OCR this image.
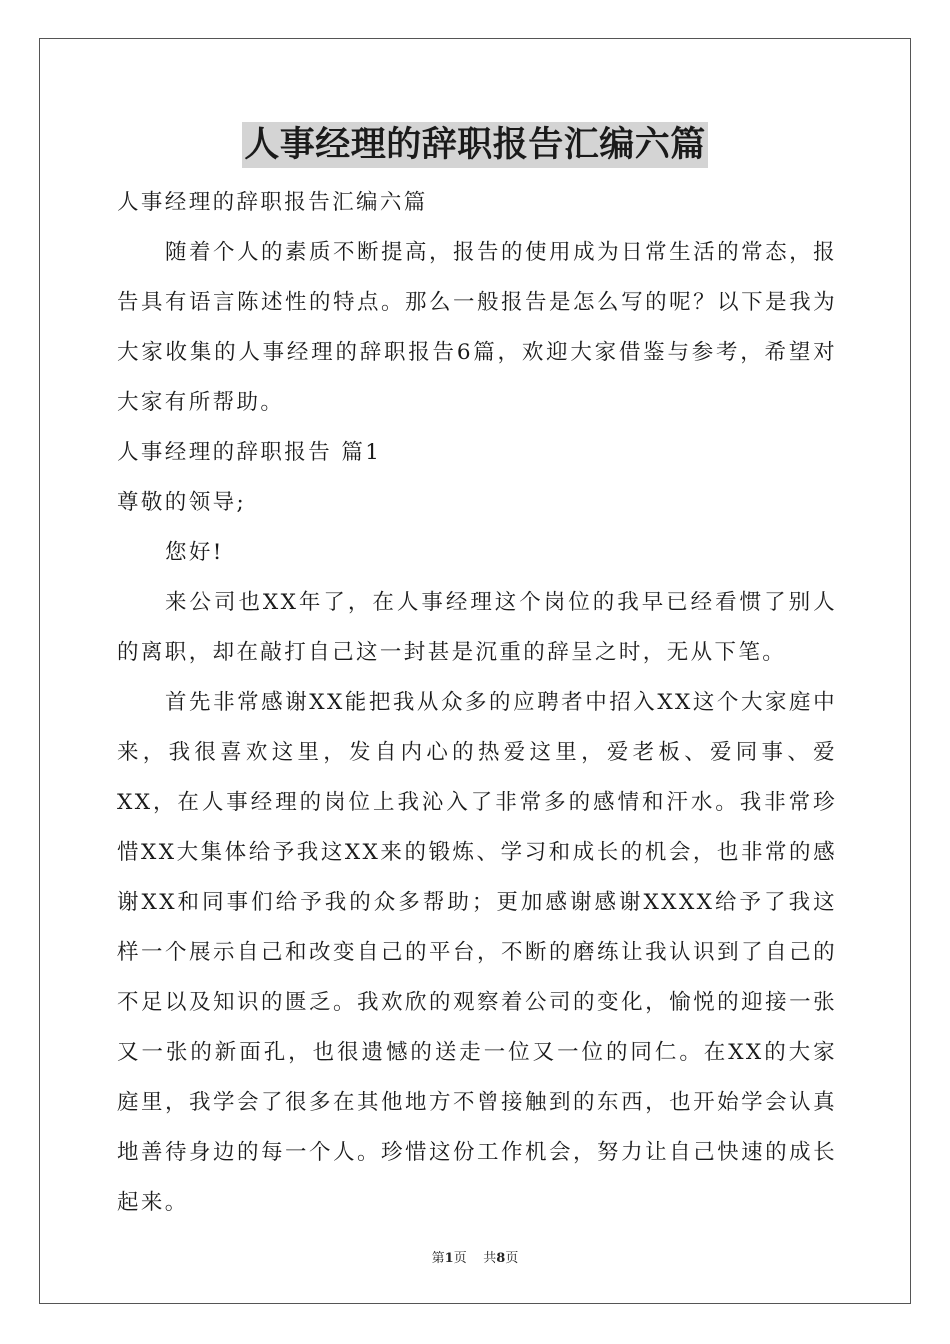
人事经理的辞职报告汇编六篇

人事经理的辞职报告汇编六篇

随着个人的素质不断提高，报告的使用成为日常生活的常态，报告具有语言陈述性的特点。那么一般报告是怎么写的呢？以下是我为大家收集的人事经理的辞职报告6篇，欢迎大家借鉴与参考，希望对大家有所帮助。

人事经理的辞职报告 篇1

尊敬的领导;

您好!

来公司也XX年了，在人事经理这个岗位的我早已经看惯了别人的离职，却在敲打自己这一封甚是沉重的辞呈之时，无从下笔。

首先非常感谢XX能把我从众多的应聘者中招入XX这个大家庭中来，我很喜欢这里，发自内心的热爱这里，爱老板、爱同事、爱XX，在人事经理的岗位上我沁入了非常多的感情和汗水。我非常珍惜XX大集体给予我这XX来的锻炼、学习和成长的机会，也非常的感谢XX和同事们给予我的众多帮助；更加感谢感谢XXXX给予了我这样一个展示自己和改变自己的平台，不断的磨练让我认识到了自己的不足以及知识的匮乏。我欢欣的观察着公司的变化，愉悦的迎接一张又一张的新面孔，也很遗憾的送走一位又一位的同仁。在XX的大家庭里，我学会了很多在其他地方不曾接触到的东西，也开始学会认真地善待身边的每一个人。珍惜这份工作机会，努力让自己快速的成长起来。

第1页 共8页
